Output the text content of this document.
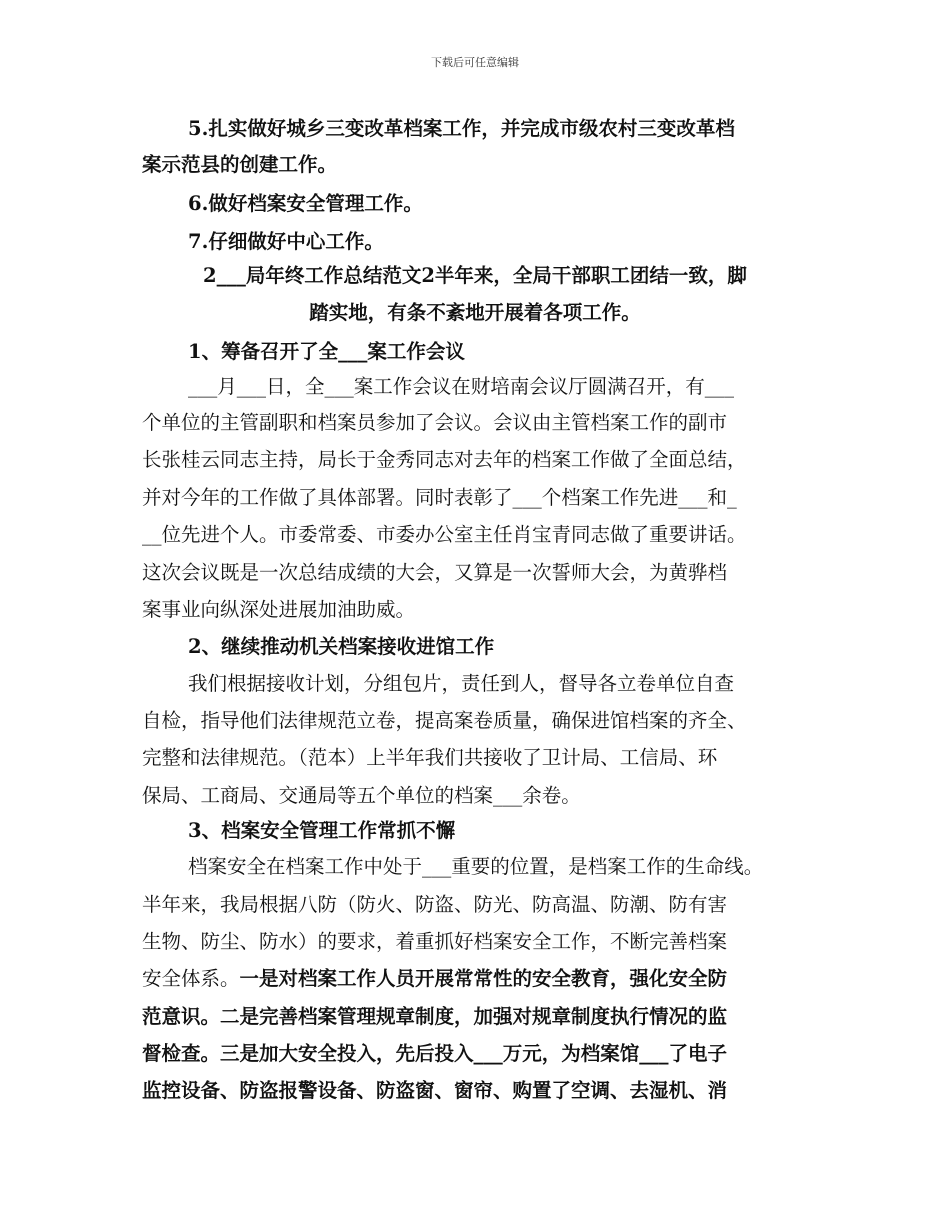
下载后可任意编辑
5.扎实做好城乡三变改革档案工作，并完成市级农村三变改革档
案示范县的创建工作。
6.做好档案安全管理工作。
7.仔细做好中心工作。
2___局年终工作总结范文2半年来，全局干部职工团结一致，脚
踏实地，有条不紊地开展着各项工作。
1、筹备召开了全___案工作会议
___月___日，全___案工作会议在财培南会议厅圆满召开，有___
个单位的主管副职和档案员参加了会议。会议由主管档案工作的副市
长张桂云同志主持，局长于金秀同志对去年的档案工作做了全面总结，
并对今年的工作做了具体部署。同时表彰了___个档案工作先进___和_
__位先进个人。市委常委、市委办公室主任肖宝青同志做了重要讲话。
这次会议既是一次总结成绩的大会，又算是一次誓师大会，为黄骅档
案事业向纵深处进展加油助威。
2、继续推动机关档案接收进馆工作
我们根据接收计划，分组包片，责任到人，督导各立卷单位自查
自检，指导他们法律规范立卷，提高案卷质量，确保进馆档案的齐全、
完整和法律规范。（范本）上半年我们共接收了卫计局、工信局、环
保局、工商局、交通局等五个单位的档案___余卷。
3、档案安全管理工作常抓不懈
档案安全在档案工作中处于___重要的位置，是档案工作的生命线。
半年来，我局根据八防（防火、防盗、防光、防高温、防潮、防有害
生物、防尘、防水）的要求，着重抓好档案安全工作，不断完善档案
安全体系。一是对档案工作人员开展常常性的安全教育，强化安全防
范意识。二是完善档案管理规章制度，加强对规章制度执行情况的监
督检查。三是加大安全投入，先后投入___万元，为档案馆___了电子
监控设备、防盗报警设备、防盗窗、窗帘、购置了空调、去湿机、消
